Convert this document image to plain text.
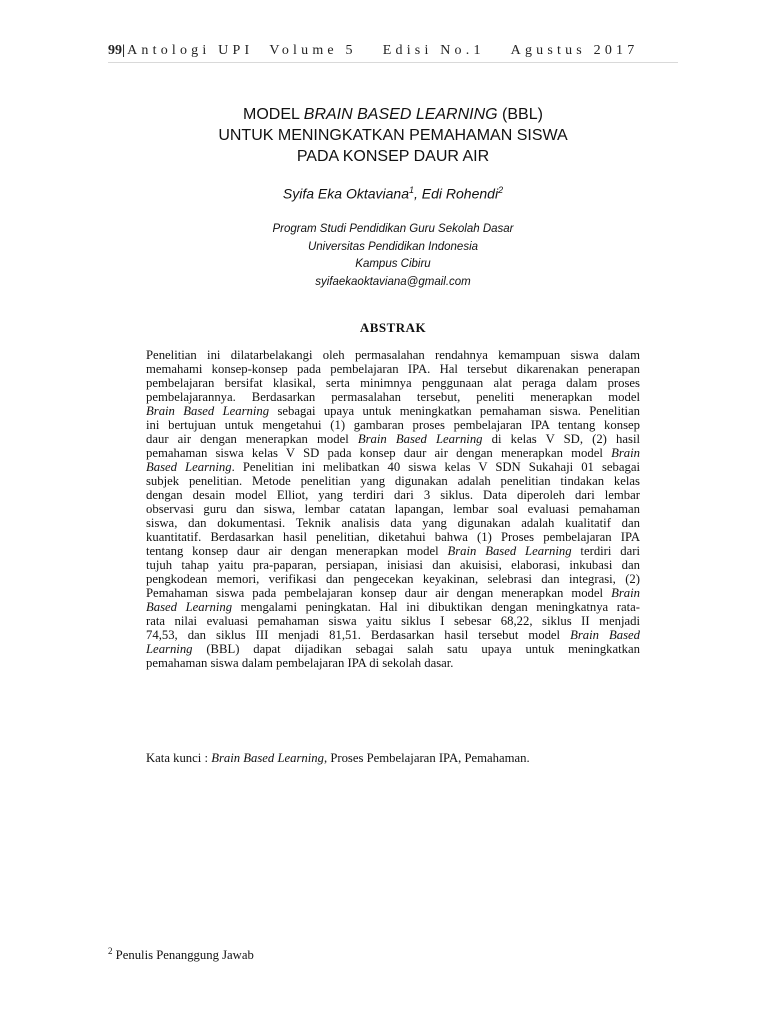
99| Antologi UPI Volume 5 Edisi No.1 Agustus 2017
MODEL BRAIN BASED LEARNING (BBL)
UNTUK MENINGKATKAN PEMAHAMAN SISWA
PADA KONSEP DAUR AIR
Syifa Eka Oktaviana$^1$, Edi Rohendi$^2$
Program Studi Pendidikan Guru Sekolah Dasar
Universitas Pendidikan Indonesia
Kampus Cibiru
syifaekaoktaviana@gmail.com
ABSTRAK
Penelitian ini dilatarbelakangi oleh permasalahan rendahnya kemampuan siswa dalam
memahami konsep-konsep pada pembelajaran IPA. Hal tersebut dikarenakan penerapan
pembelajaran bersifat klasikal, serta minimnya penggunaan alat peraga dalam proses
pembelajarannya. Berdasarkan permasalahan tersebut, peneliti menerapkan model
Brain Based Learning sebagai upaya untuk meningkatkan pemahaman siswa. Penelitian
ini bertujuan untuk mengetahui (1) gambaran proses pembelajaran IPA tentang konsep
daur air dengan menerapkan model Brain Based Learning di kelas V SD, (2) hasil
pemahaman siswa kelas V SD pada konsep daur air dengan menerapkan model Brain
Based Learning. Penelitian ini melibatkan 40 siswa kelas V SDN Sukahaji 01 sebagai
subjek penelitian. Metode penelitian yang digunakan adalah penelitian tindakan kelas
dengan desain model Elliot, yang terdiri dari 3 siklus. Data diperoleh dari lembar
observasi guru dan siswa, lembar catatan lapangan, lembar soal evaluasi pemahaman
siswa, dan dokumentasi. Teknik analisis data yang digunakan adalah kualitatif dan
kuantitatif. Berdasarkan hasil penelitian, diketahui bahwa (1) Proses pembelajaran IPA
tentang konsep daur air dengan menerapkan model Brain Based Learning terdiri dari
tujuh tahap yaitu pra-paparan, persiapan, inisiasi dan akuisisi, elaborasi, inkubasi dan
pengkodean memori, verifikasi dan pengecekan keyakinan, selebrasi dan integrasi, (2)
Pemahaman siswa pada pembelajaran konsep daur air dengan menerapkan model Brain
Based Learning mengalami peningkatan. Hal ini dibuktikan dengan meningkatnya rata-
rata nilai evaluasi pemahaman siswa yaitu siklus I sebesar 68,22, siklus II menjadi
74,53, dan siklus III menjadi 81,51. Berdasarkan hasil tersebut model Brain Based
Learning (BBL) dapat dijadikan sebagai salah satu upaya untuk meningkatkan
pemahaman siswa dalam pembelajaran IPA di sekolah dasar.
Kata kunci : Brain Based Learning, Proses Pembelajaran IPA, Pemahaman.
$^2$ Penulis Penanggung Jawab
